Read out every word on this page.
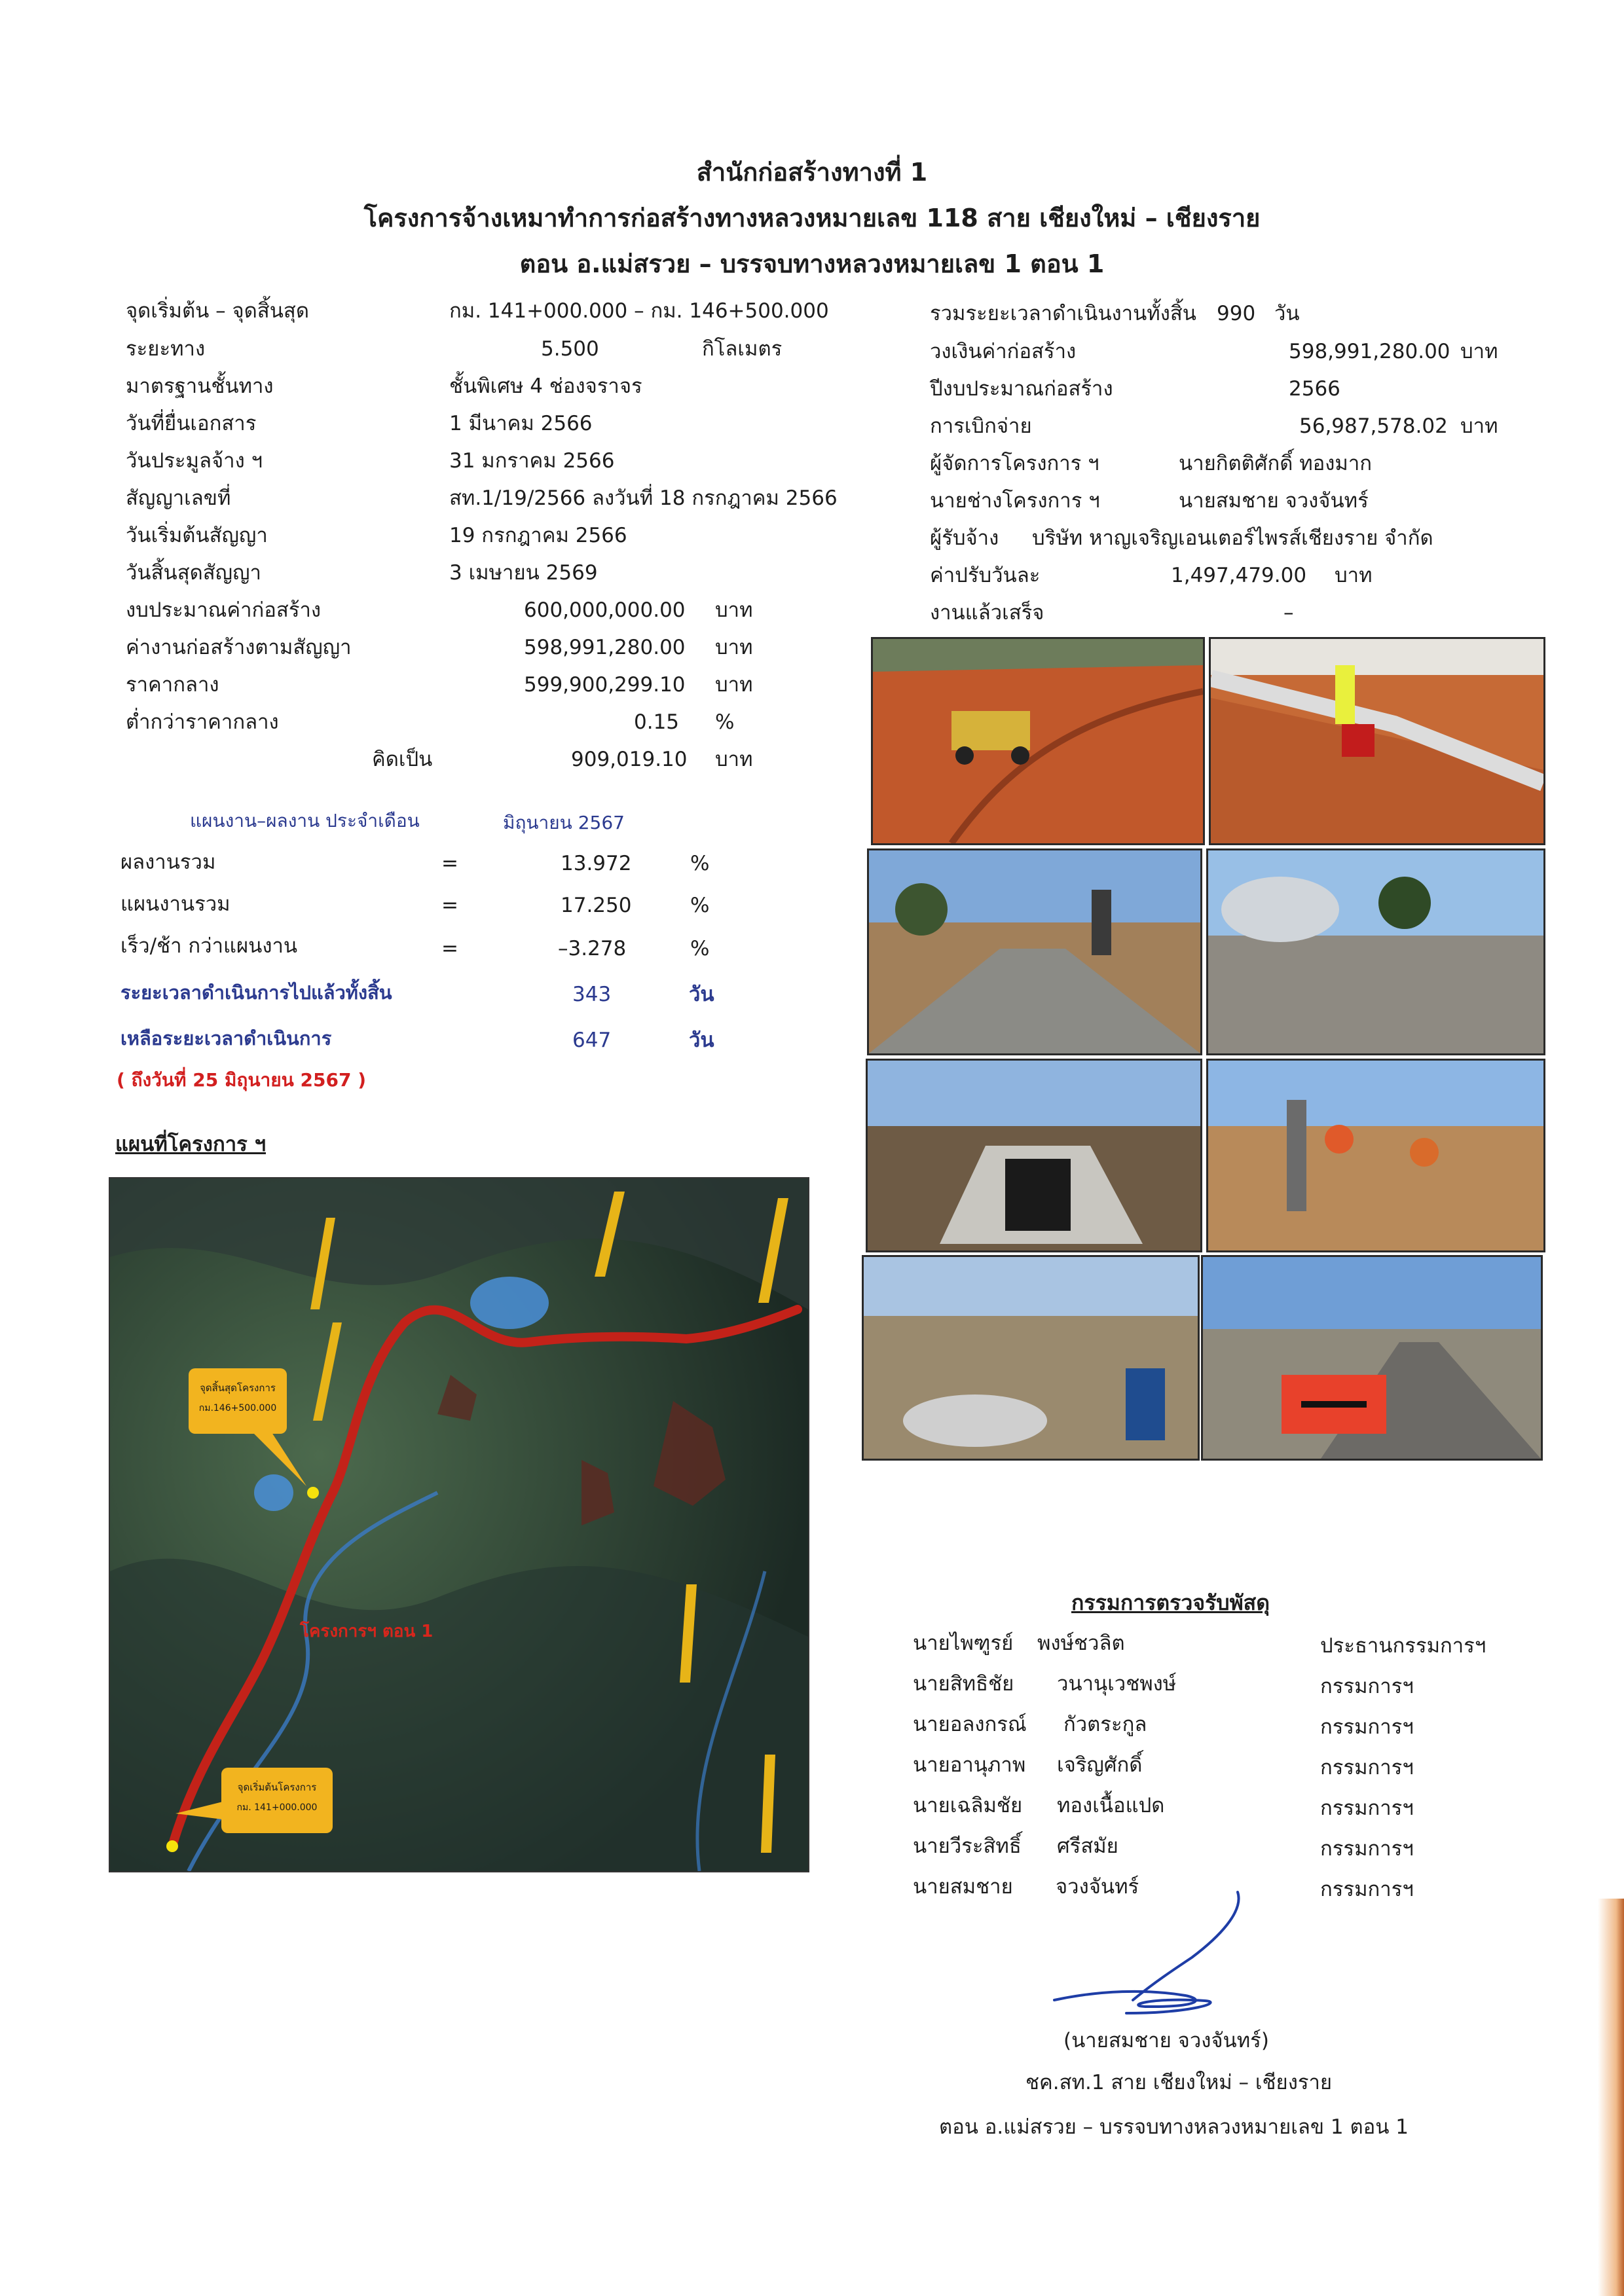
สำนักก่อสร้างทางที่ 1
โครงการจ้างเหมาทำการก่อสร้างทางหลวงหมายเลข 118 สาย เชียงใหม่ – เชียงราย
ตอน อ.แม่สรวย – บรรจบทางหลวงหมายเลข 1 ตอน 1
จุดเริ่มต้น – จุดสิ้นสุด	กม. 141+000.000 – กม. 146+500.000
ระยะทาง	5.500	กิโลเมตร
มาตรฐานชั้นทาง	ชั้นพิเศษ 4 ช่องจราจร
วันที่ยื่นเอกสาร	1 มีนาคม 2566
วันประมูลจ้าง ฯ	31 มกราคม 2566
สัญญาเลขที่	สท.1/19/2566 ลงวันที่ 18 กรกฎาคม 2566
วันเริ่มต้นสัญญา	19 กรกฎาคม 2566
วันสิ้นสุดสัญญา	3 เมษายน 2569
งบประมาณค่าก่อสร้าง	600,000,000.00 บาท
ค่างานก่อสร้างตามสัญญา	598,991,280.00 บาท
ราคากลาง	599,900,299.10 บาท
ต่ำกว่าราคากลาง	0.15 %
คิดเป็น	909,019.10 บาท
รวมระยะเวลาดำเนินงานทั้งสิ้น 990 วัน
วงเงินค่าก่อสร้าง	598,991,280.00 บาท
ปีงบประมาณก่อสร้าง	2566
การเบิกจ่าย	56,987,578.02 บาท
ผู้จัดการโครงการ ฯ	นายกิตติศักดิ์ ทองมาก
นายช่างโครงการ ฯ	นายสมชาย จวงจันทร์
ผู้รับจ้าง บริษัท หาญเจริญเอนเตอร์ไพรส์เชียงราย จำกัด
ค่าปรับวันละ	1,497,479.00 บาท
งานแล้วเสร็จ	–
แผนงาน–ผลงาน ประจำเดือน	มิถุนายน 2567
ผลงานรวม	=	13.972	%
แผนงานรวม	=	17.250	%
เร็ว/ช้า กว่าแผนงาน	=	–3.278	%
ระยะเวลาดำเนินการไปแล้วทั้งสิ้น	343	วัน
เหลือระยะเวลาดำเนินการ	647	วัน
( ถึงวันที่ 25 มิถุนายน 2567 )
แผนที่โครงการ ฯ
จุดสิ้นสุดโครงการ
กม.146+500.000
จุดเริ่มต้นโครงการ
กม. 141+000.000
โครงการฯ ตอน 1
กรรมการตรวจรับพัสดุ
นายไพฑูรย์ พงษ์ชวลิต	ประธานกรรมการฯ
นายสิทธิชัย วนานุเวชพงษ์	กรรมการฯ
นายอลงกรณ์ กัวตระกูล	กรรมการฯ
นายอานุภาพ เจริญศักดิ์	กรรมการฯ
นายเฉลิมชัย ทองเนื้อแปด	กรรมการฯ
นายวีระสิทธิ์ ศรีสมัย	กรรมการฯ
นายสมชาย จวงจันทร์	กรรมการฯ
(นายสมชาย จวงจันทร์)
ชค.สท.1 สาย เชียงใหม่ – เชียงราย
ตอน อ.แม่สรวย – บรรจบทางหลวงหมายเลข 1 ตอน 1
